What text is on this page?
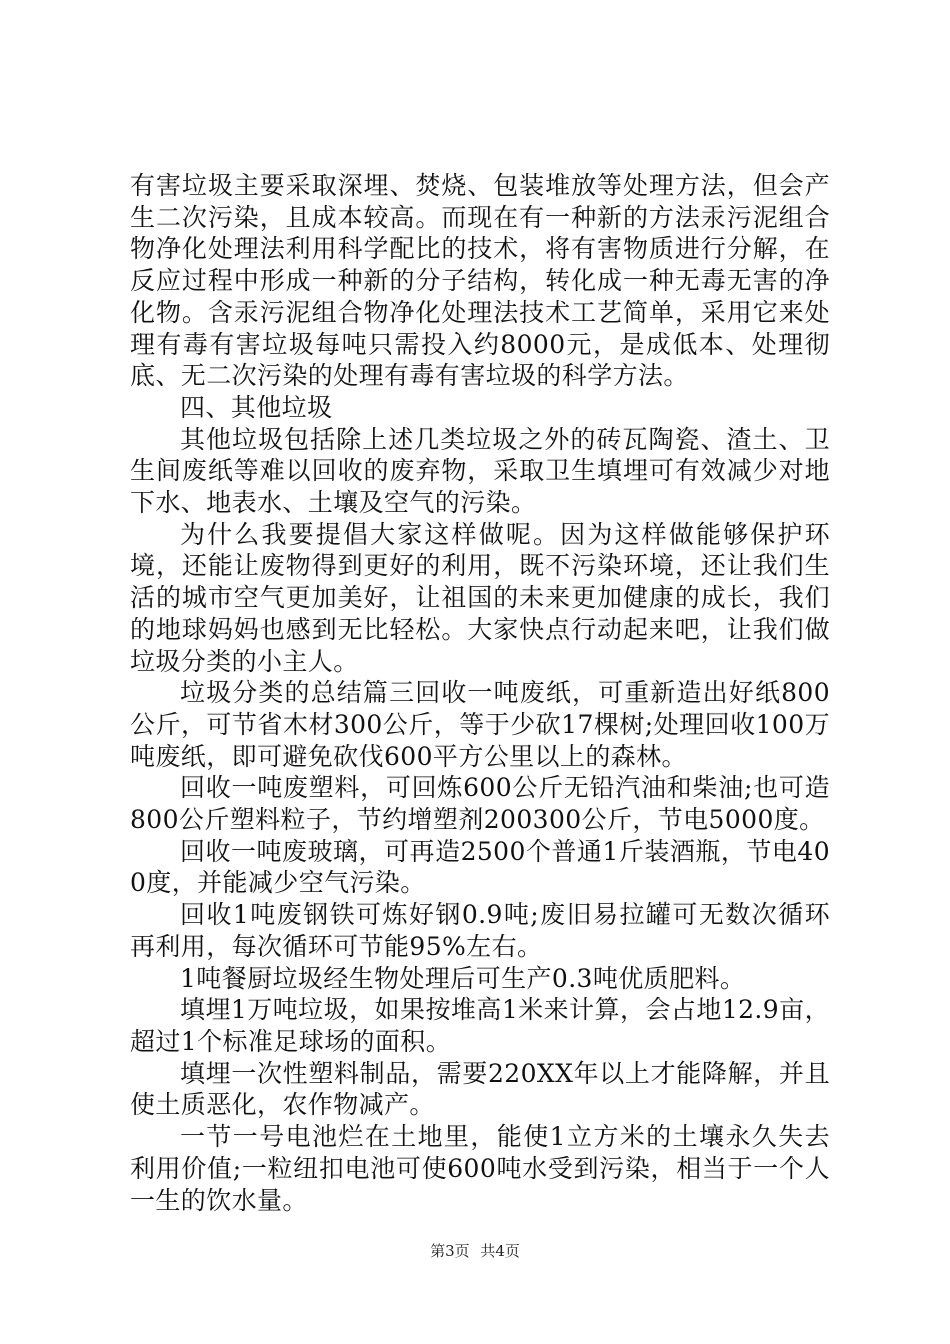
有害垃圾主要采取深埋、焚烧、包装堆放等处理方法，但会产生二次污染，且成本较高。而现在有一种新的方法汞污泥组合物净化处理法利用科学配比的技术，将有害物质进行分解，在反应过程中形成一种新的分子结构，转化成一种无毒无害的净化物。含汞污泥组合物净化处理法技术工艺简单，采用它来处理有毒有害垃圾每吨只需投入约8000元，是成低本、处理彻底、无二次污染的处理有毒有害垃圾的科学方法。

四、其他垃圾

其他垃圾包括除上述几类垃圾之外的砖瓦陶瓷、渣土、卫生间废纸等难以回收的废弃物，采取卫生填埋可有效减少对地下水、地表水、土壤及空气的污染。

为什么我要提倡大家这样做呢。因为这样做能够保护环境，还能让废物得到更好的利用，既不污染环境，还让我们生活的城市空气更加美好，让祖国的未来更加健康的成长，我们的地球妈妈也感到无比轻松。大家快点行动起来吧，让我们做垃圾分类的小主人。

垃圾分类的总结篇三回收一吨废纸，可重新造出好纸800公斤，可节省木材300公斤，等于少砍17棵树;处理回收100万吨废纸，即可避免砍伐600平方公里以上的森林。

回收一吨废塑料，可回炼600公斤无铅汽油和柴油;也可造800公斤塑料粒子，节约增塑剂200300公斤，节电5000度。

回收一吨废玻璃，可再造2500个普通1斤装酒瓶，节电400度，并能减少空气污染。

回收1吨废钢铁可炼好钢0.9吨;废旧易拉罐可无数次循环再利用，每次循环可节能95%左右。

1吨餐厨垃圾经生物处理后可生产0.3吨优质肥料。

填埋1万吨垃圾，如果按堆高1米来计算，会占地12.9亩，超过1个标准足球场的面积。

填埋一次性塑料制品，需要220XX年以上才能降解，并且使土质恶化，农作物减产。

一节一号电池烂在土地里，能使1立方米的土壤永久失去利用价值;一粒纽扣电池可使600吨水受到污染，相当于一个人一生的饮水量。

第3页 共4页
